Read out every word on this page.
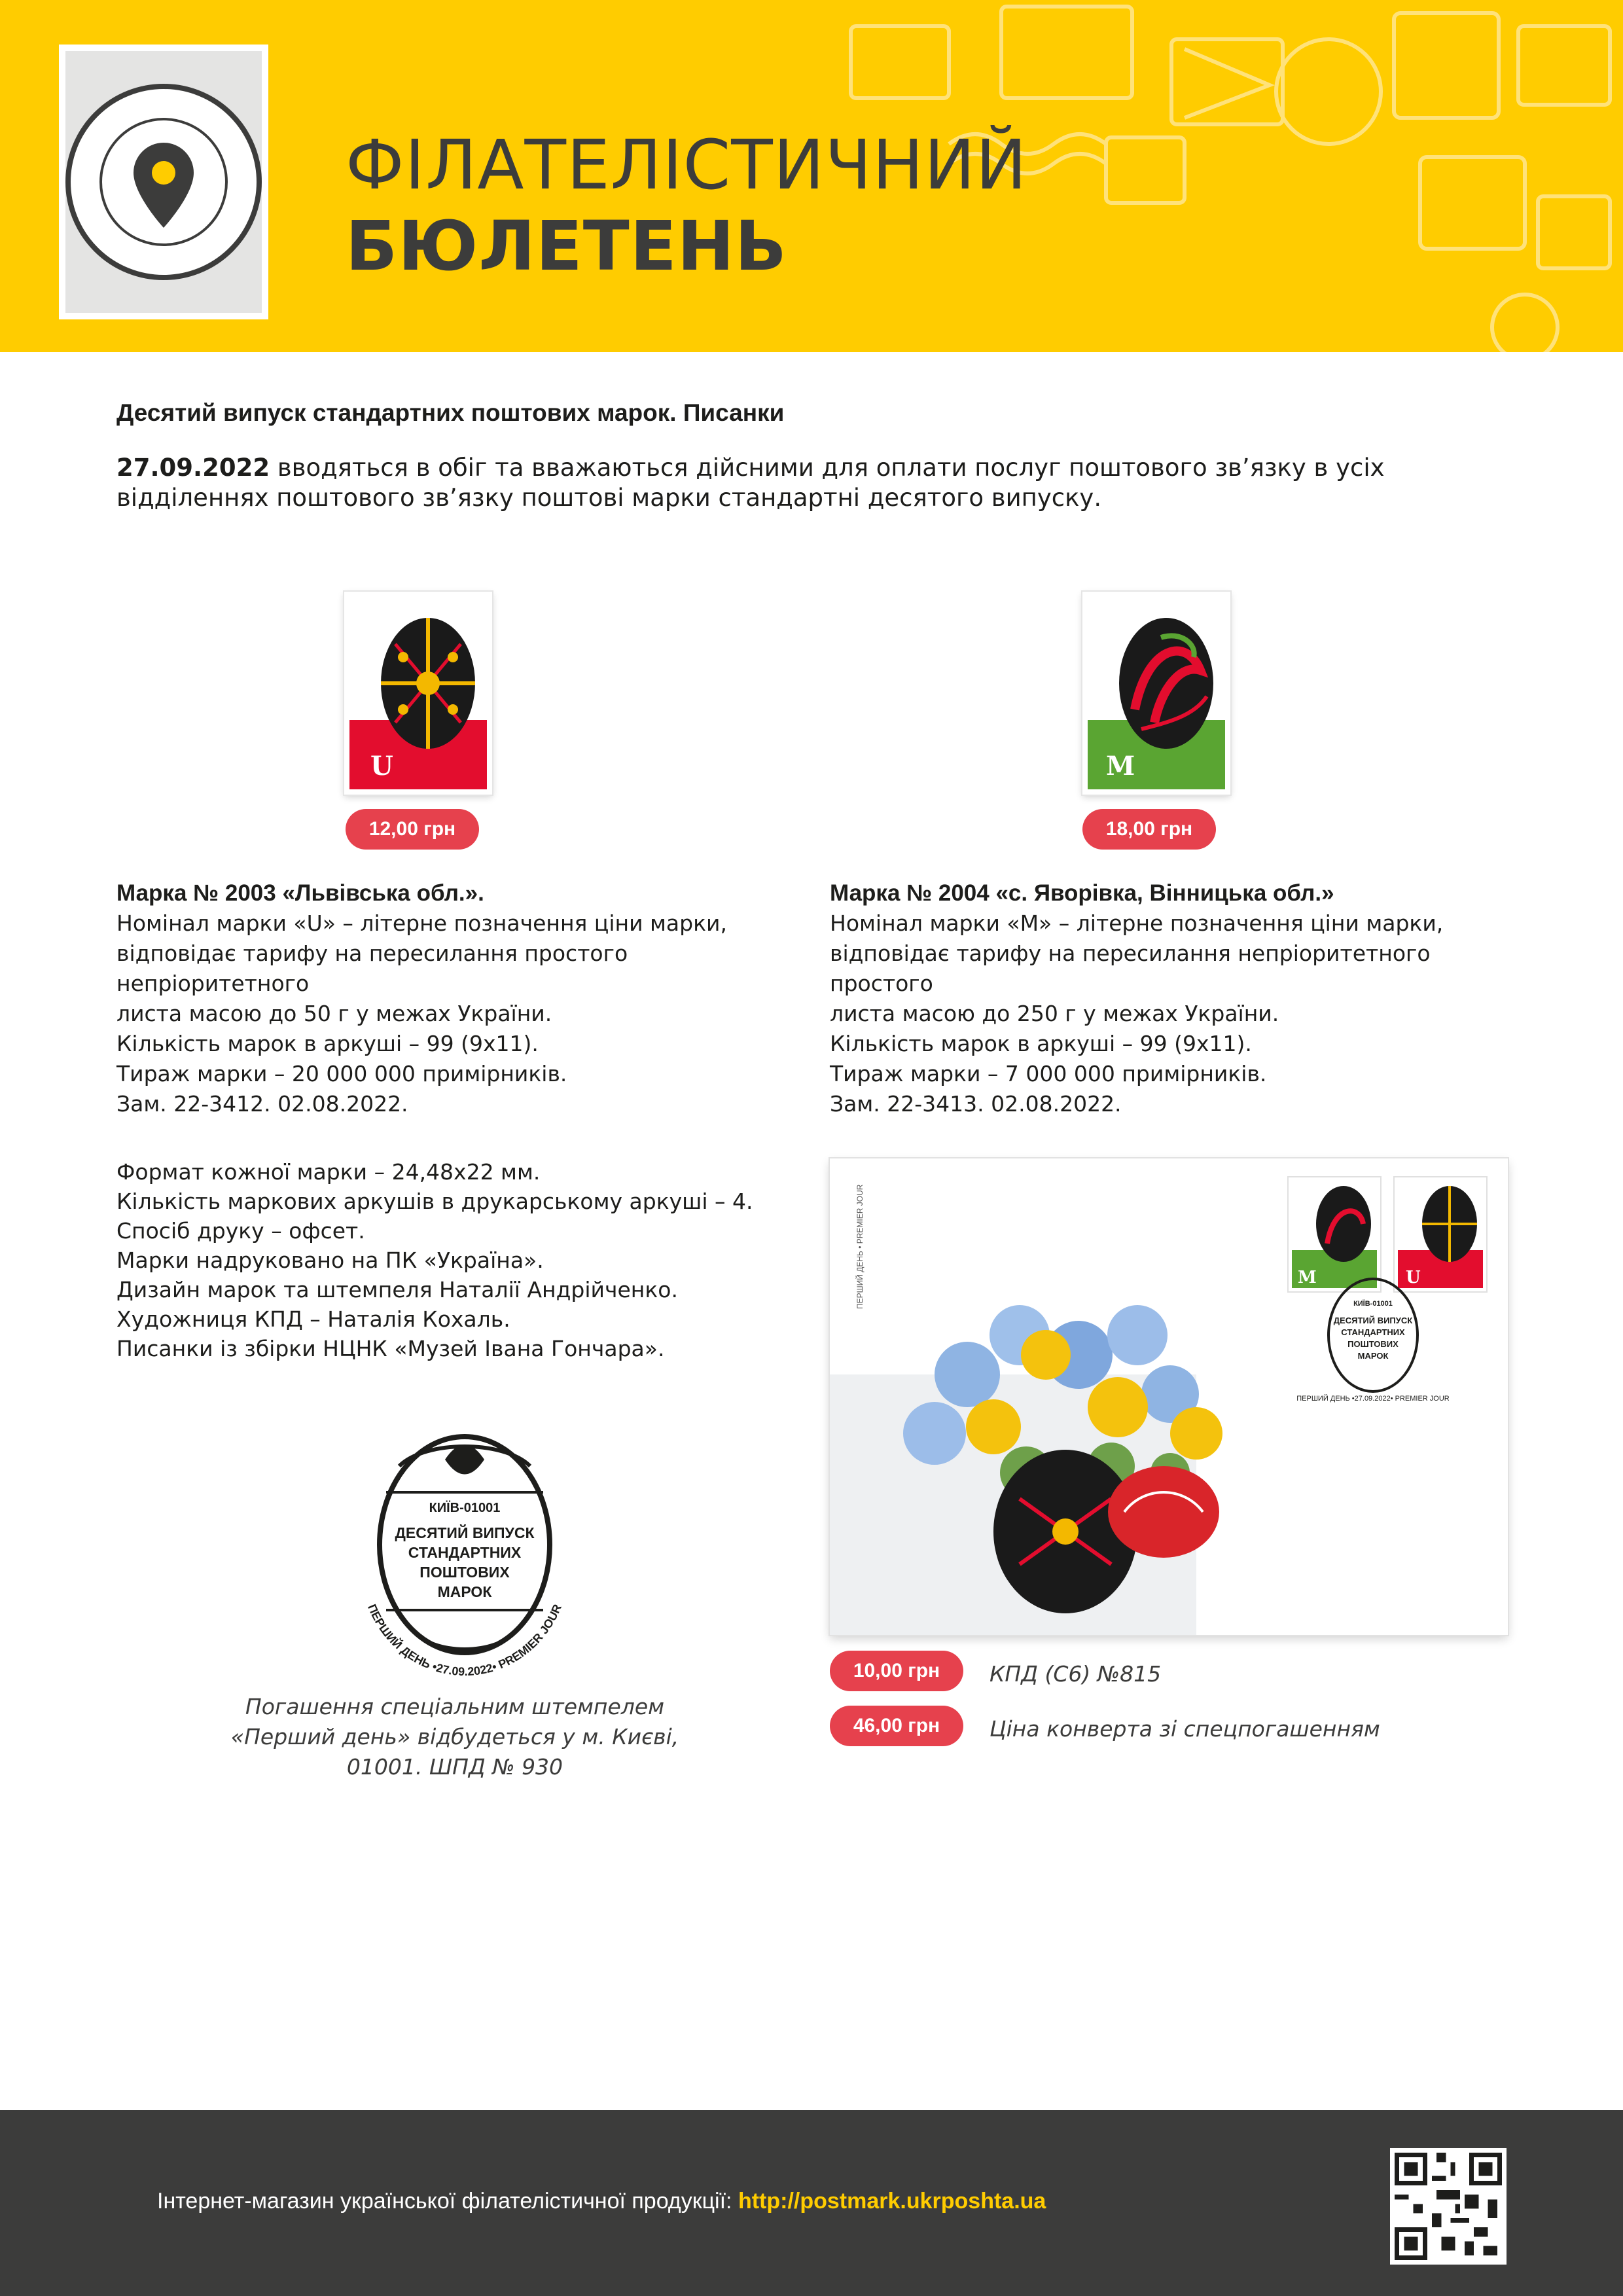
ФІЛАТЕЛІСТИЧНИЙ
БЮЛЕТЕНЬ
Десятий випуск стандартних поштових марок. Писанки
27.09.2022 вводяться в обіг та вважаються дійсними для оплати послуг поштового зв’язку в усіх відділеннях поштового зв’язку поштові марки стандартні десятого випуску.
U
12,00 грн
M
18,00 грн
Марка № 2003 «Львівська обл.».
Номінал марки «U» – літерне позначення ціни марки,
відповідає тарифу на пересилання простого непріоритетного
листа масою до 50 г у межах України.
Кількість марок в аркуші – 99 (9х11).
Тираж марки – 20 000 000 примірників.
Зам. 22-3412. 02.08.2022.
Марка № 2004 «с. Яворівка, Вінницька обл.»
Номінал марки «M» – літерне позначення ціни марки,
відповідає тарифу на пересилання непріоритетного простого
листа масою до 250 г у межах України.
Кількість марок в аркуші – 99 (9х11).
Тираж марки – 7 000 000 примірників.
Зам. 22-3413. 02.08.2022.
Формат кожної марки – 24,48х22 мм.
Кількість маркових аркушів в друкарському аркуші – 4.
Спосіб друку – офсет.
Марки надруковано на ПК «Україна».
Дизайн марок та штемпеля Наталії Андрійченко.
Художниця КПД – Наталія Кохаль.
Писанки із збірки НЦНК «Музей Івана Гончара».
КИЇВ-01001
ДЕСЯТИЙ ВИПУСК
СТАНДАРТНИХ
ПОШТОВИХ
МАРОК
ПЕРШИЙ ДЕНЬ •27.09.2022• PREMIER JOUR
Погашення спеціальним штемпелем
«Перший день» відбудеться у м. Києві,
01001. ШПД № 930
ПЕРШИЙ ДЕНЬ • PREMIER JOUR	M	U
КИЇВ-01001
ДЕСЯТИЙ ВИПУСК
СТАНДАРТНИХ
ПОШТОВИХ
МАРОК
ПЕРШИЙ ДЕНЬ •27.09.2022• PREMIER JOUR
10,00 грн	КПД (С6) №815
46,00 грн	Ціна конверта зі спецпогашенням
Інтернет-магазин української філателістичної продукції: http://postmark.ukrposhta.ua
